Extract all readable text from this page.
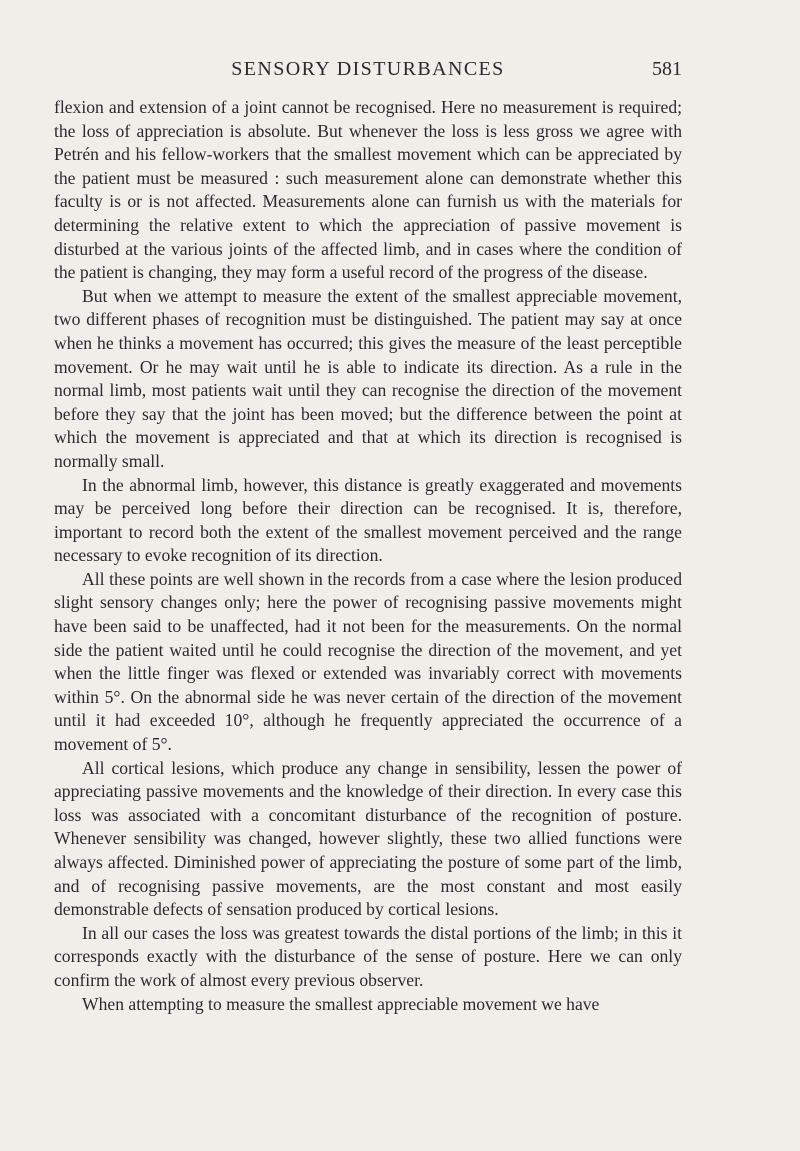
SENSORY DISTURBANCES	581

flexion and extension of a joint cannot be recognised. Here no measurement is required; the loss of appreciation is absolute. But whenever the loss is less gross we agree with Petrén and his fellow-workers that the smallest movement which can be appreciated by the patient must be measured : such measurement alone can demonstrate whether this faculty is or is not affected. Measurements alone can furnish us with the materials for determining the relative extent to which the appreciation of passive movement is disturbed at the various joints of the affected limb, and in cases where the condition of the patient is changing, they may form a useful record of the progress of the disease.

But when we attempt to measure the extent of the smallest appreciable movement, two different phases of recognition must be distinguished. The patient may say at once when he thinks a movement has occurred; this gives the measure of the least perceptible movement. Or he may wait until he is able to indicate its direction. As a rule in the normal limb, most patients wait until they can recognise the direction of the movement before they say that the joint has been moved; but the difference between the point at which the movement is appreciated and that at which its direction is recognised is normally small.

In the abnormal limb, however, this distance is greatly exaggerated and movements may be perceived long before their direction can be recognised. It is, therefore, important to record both the extent of the smallest movement perceived and the range necessary to evoke recognition of its direction.

All these points are well shown in the records from a case where the lesion produced slight sensory changes only; here the power of recognising passive movements might have been said to be unaffected, had it not been for the measurements. On the normal side the patient waited until he could recognise the direction of the movement, and yet when the little finger was flexed or extended was invariably correct with movements within 5°. On the abnormal side he was never certain of the direction of the movement until it had exceeded 10°, although he frequently appreciated the occurrence of a movement of 5°.

All cortical lesions, which produce any change in sensibility, lessen the power of appreciating passive movements and the knowledge of their direction. In every case this loss was associated with a concomitant disturbance of the recognition of posture. Whenever sensibility was changed, however slightly, these two allied functions were always affected. Diminished power of appreciating the posture of some part of the limb, and of recognising passive movements, are the most constant and most easily demonstrable defects of sensation produced by cortical lesions.

In all our cases the loss was greatest towards the distal portions of the limb; in this it corresponds exactly with the disturbance of the sense of posture. Here we can only confirm the work of almost every previous observer.

When attempting to measure the smallest appreciable movement we have
